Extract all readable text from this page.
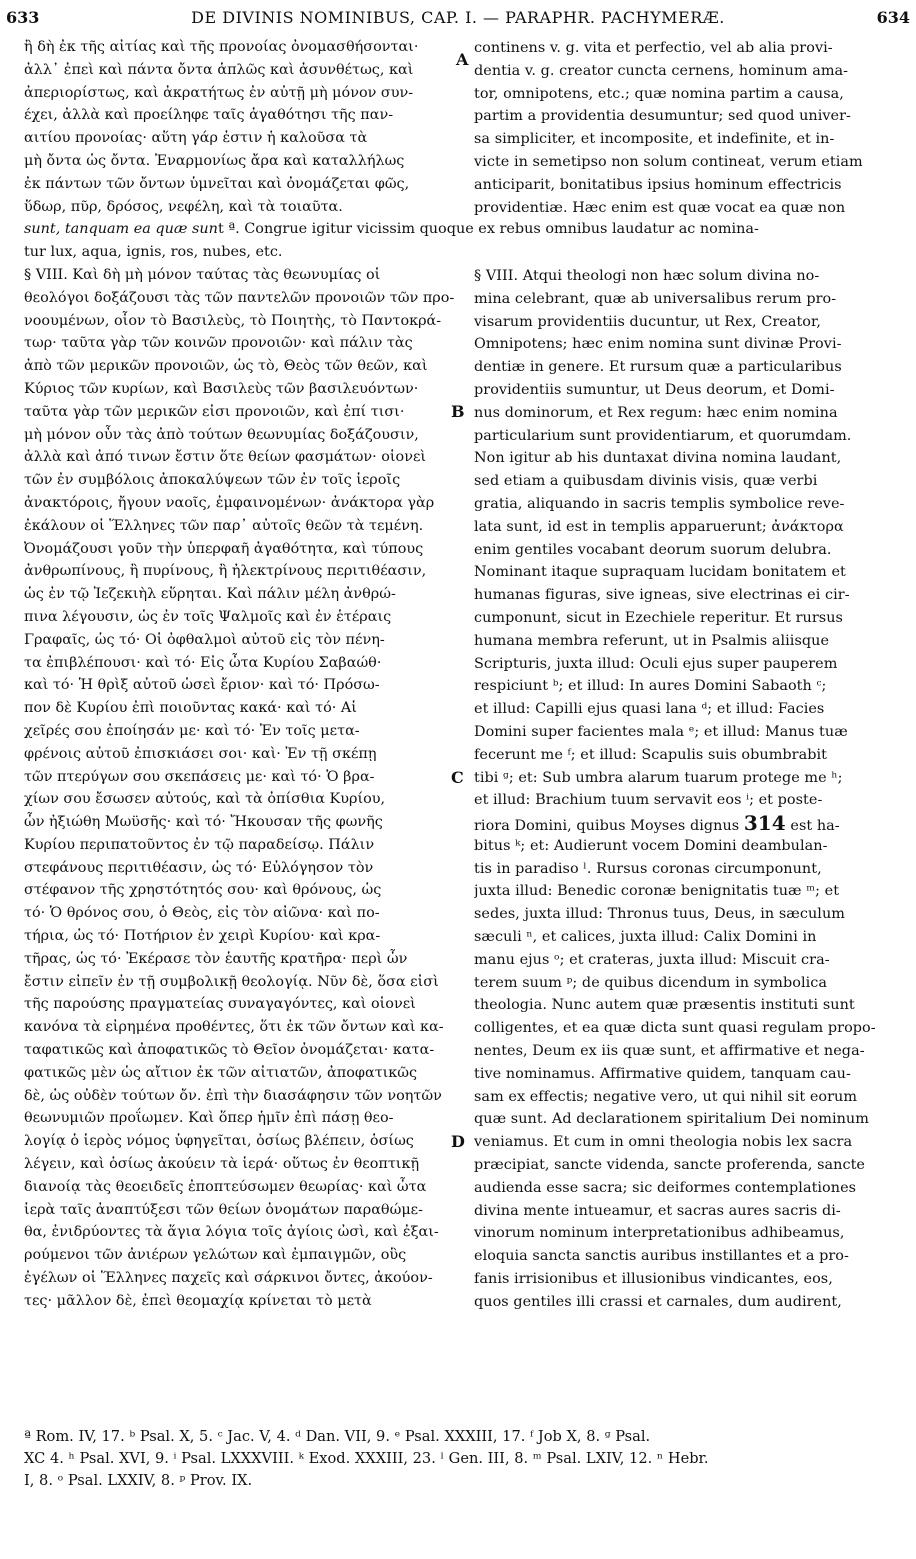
633	DE DIVINIS NOMINIBUS, CAP. I. — PARAPHR. PACHYMERÆ.	634
ἢ δὴ ἐκ τῆς αἰτίας καὶ τῆς προνοίας ὀνομασθήσονται·
ἀλλ᾽ ἐπεὶ καὶ πάντα ὄντα ἁπλῶς καὶ ἀσυνθέτως, καὶ
ἀπεριορίστως, καὶ ἀκρατήτως ἐν αὐτῇ μὴ μόνον συν-
έχει, ἀλλὰ καὶ προείληφε ταῖς ἀγαθότησι τῆς παν-
αιτίου προνοίας· αὕτη γάρ ἐστιν ἡ καλοῦσα τὰ
μὴ ὄντα ὡς ὄντα. Ἐναρμονίως ἄρα καὶ καταλλήλως
ἐκ πάντων τῶν ὄντων ὑμνεῖται καὶ ὀνομάζεται φῶς,
ὕδωρ, πῦρ, δρόσος, νεφέλη, καὶ τὰ τοιαῦτα.
sunt, tanquam ea quæ sunt ª. Congrue igitur vicissim quoque ex rebus omnibus laudatur ac nomina-
tur lux, aqua, ignis, ros, nubes, etc.
§ VIII. Καὶ δὴ μὴ μόνον ταύτας τὰς θεωνυμίας οἱ
θεολόγοι δοξάζουσι τὰς τῶν παντελῶν προνοιῶν τῶν προ-
νοουμένων, οἷον τὸ Βασιλεὺς, τὸ Ποιητὴς, τὸ Παντοκρά-
τωρ· ταῦτα γὰρ τῶν κοινῶν προνοιῶν· καὶ πάλιν τὰς
ἀπὸ τῶν μερικῶν προνοιῶν, ὡς τὸ, Θεὸς τῶν θεῶν, καὶ
Κύριος τῶν κυρίων, καὶ Βασιλεὺς τῶν βασιλευόντων·
ταῦτα γὰρ τῶν μερικῶν εἰσι προνοιῶν, καὶ ἐπί τισι·
μὴ μόνον οὖν τὰς ἀπὸ τούτων θεωνυμίας δοξάζουσιν,
ἀλλὰ καὶ ἀπό τινων ἔστιν ὅτε θείων φασμάτων· οἱονεὶ
τῶν ἐν συμβόλοις ἀποκαλύψεων τῶν ἐν τοῖς ἱεροῖς
ἀνακτόροις, ἤγουν ναοῖς, ἐμφαινομένων· ἀνάκτορα γὰρ
ἐκάλουν οἱ Ἕλληνες τῶν παρ᾽ αὐτοῖς θεῶν τὰ τεμένη.
Ὀνομάζουσι γοῦν τὴν ὑπερφαῆ ἀγαθότητα, καὶ τύπους
ἀνθρωπίνους, ἢ πυρίνους, ἢ ἠλεκτρίνους περιτιθέασιν,
ὡς ἐν τῷ Ἰεζεκιὴλ εὕρηται. Καὶ πάλιν μέλη ἀνθρώ-
πινα λέγουσιν, ὡς ἐν τοῖς Ψαλμοῖς καὶ ἐν ἑτέραις
Γραφαῖς, ὡς τό· Οἱ ὀφθαλμοὶ αὐτοῦ εἰς τὸν πένη-
τα ἐπιβλέπουσι· καὶ τό· Εἰς ὦτα Κυρίου Σαβαώθ·
καὶ τό· Ἡ θρὶξ αὐτοῦ ὡσεὶ ἔριον· καὶ τό· Πρόσω-
πον δὲ Κυρίου ἐπὶ ποιοῦντας κακά· καὶ τό· Αἱ
χεῖρές σου ἐποίησάν με· καὶ τό· Ἐν τοῖς μετα-
φρένοις αὐτοῦ ἐπισκιάσει σοι· καὶ· Ἐν τῇ σκέπῃ
τῶν πτερύγων σου σκεπάσεις με· καὶ τό· Ὁ βρα-
χίων σου ἔσωσεν αὐτούς, καὶ τὰ ὀπίσθια Κυρίου,
ὧν ἠξιώθη Μωϋσῆς· καὶ τό· Ἤκουσαν τῆς φωνῆς
Κυρίου περιπατοῦντος ἐν τῷ παραδείσῳ. Πάλιν
στεφάνους περιτιθέασιν, ὡς τό· Εὐλόγησον τὸν
στέφανον τῆς χρηστότητός σου· καὶ θρόνους, ὡς
τό· Ὁ θρόνος σου, ὁ Θεὸς, εἰς τὸν αἰῶνα· καὶ πο-
τήρια, ὡς τό· Ποτήριον ἐν χειρὶ Κυρίου· καὶ κρα-
τῆρας, ὡς τό· Ἐκέρασε τὸν ἑαυτῆς κρατῆρα· περὶ ὧν
ἔστιν εἰπεῖν ἐν τῇ συμβολικῇ θεολογίᾳ. Νῦν δὲ, ὅσα εἰσὶ
τῆς παρούσης πραγματείας συναγαγόντες, καὶ οἱονεὶ
κανόνα τὰ εἰρημένα προθέντες, ὅτι ἐκ τῶν ὄντων καὶ κα-
ταφατικῶς καὶ ἀποφατικῶς τὸ Θεῖον ὀνομάζεται· κατα-
φατικῶς μὲν ὡς αἴτιον ἐκ τῶν αἰτιατῶν, ἀποφατικῶς
δὲ, ὡς οὐδὲν τούτων ὄν. ἐπὶ τὴν διασάφησιν τῶν νοητῶν
θεωνυμιῶν προΐωμεν. Καὶ ὅπερ ἡμῖν ἐπὶ πάσῃ θεο-
λογίᾳ ὁ ἱερὸς νόμος ὑφηγεῖται, ὁσίως βλέπειν, ὁσίως
λέγειν, καὶ ὁσίως ἀκούειν τὰ ἱερά· οὕτως ἐν θεοπτικῇ
διανοίᾳ τὰς θεοειδεῖς ἐποπτεύσωμεν θεωρίας· καὶ ὦτα
ἱερὰ ταῖς ἀναπτύξεσι τῶν θείων ὀνομάτων παραθώμε-
θα, ἐνιδρύοντες τὰ ἅγια λόγια τοῖς ἁγίοις ὠσὶ, καὶ ἐξαι-
ρούμενοι τῶν ἀνιέρων γελώτων καὶ ἐμπαιγμῶν, οὓς
ἐγέλων οἱ Ἕλληνες παχεῖς καὶ σάρκινοι ὄντες, ἀκούον-
τες· μᾶλλον δὲ, ἐπεὶ θεομαχίᾳ κρίνεται τὸ μετὰ
continens v. g. vita et perfectio, vel ab alia provi-
dentia v. g. creator cuncta cernens, hominum ama-
tor, omnipotens, etc.; quæ nomina partim a causa,
partim a providentia desumuntur; sed quod univer-
sa simpliciter, et incomposite, et indefinite, et in-
victe in semetipso non solum contineat, verum etiam
anticiparit, bonitatibus ipsius hominum effectricis
providentiæ. Hæc enim est quæ vocat ea quæ non
§ VIII. Atqui theologi non hæc solum divina no-
mina celebrant, quæ ab universalibus rerum pro-
visarum providentiis ducuntur, ut Rex, Creator,
Omnipotens; hæc enim nomina sunt divinæ Provi-
dentiæ in genere. Et rursum quæ a particularibus
providentiis sumuntur, ut Deus deorum, et Domi-
nus dominorum, et Rex regum: hæc enim nomina
particularium sunt providentiarum, et quorumdam.
Non igitur ab his duntaxat divina nomina laudant,
sed etiam a quibusdam divinis visis, quæ verbi
gratia, aliquando in sacris templis symbolice reve-
lata sunt, id est in templis apparuerunt; ἀνάκτορα
enim gentiles vocabant deorum suorum delubra.
Nominant itaque supraquam lucidam bonitatem et
humanas figuras, sive igneas, sive electrinas ei cir-
cumponunt, sicut in Ezechiele reperitur. Et rursus
humana membra referunt, ut in Psalmis aliisque
Scripturis, juxta illud: Oculi ejus super pauperem
respiciunt ᵇ; et illud: In aures Domini Sabaoth ᶜ;
et illud: Capilli ejus quasi lana ᵈ; et illud: Facies
Domini super facientes mala ᵉ; et illud: Manus tuæ
fecerunt me ᶠ; et illud: Scapulis suis obumbrabit
tibi ᵍ; et: Sub umbra alarum tuarum protege me ʰ;
et illud: Brachium tuum servavit eos ⁱ; et poste-
riora Domini, quibus Moyses dignus 314 est ha-
bitus ᵏ; et: Audierunt vocem Domini deambulan-
tis in paradiso ˡ. Rursus coronas circumponunt,
juxta illud: Benedic coronæ benignitatis tuæ ᵐ; et
sedes, juxta illud: Thronus tuus, Deus, in sæculum
sæculi ⁿ, et calices, juxta illud: Calix Domini in
manu ejus ᵒ; et crateras, juxta illud: Miscuit cra-
terem suum ᵖ; de quibus dicendum in symbolica
theologia. Nunc autem quæ præsentis instituti sunt
colligentes, et ea quæ dicta sunt quasi regulam propo-
nentes, Deum ex iis quæ sunt, et affirmative et nega-
tive nominamus. Affirmative quidem, tanquam cau-
sam ex effectis; negative vero, ut qui nihil sit eorum
quæ sunt. Ad declarationem spiritalium Dei nominum
veniamus. Et cum in omni theologia nobis lex sacra
præcipiat, sancte videnda, sancte proferenda, sancte
audienda esse sacra; sic deiformes contemplationes
divina mente intueamur, et sacras aures sacris di-
vinorum nominum interpretationibus adhibeamus,
eloquia sancta sanctis auribus instillantes et a pro-
fanis irrisionibus et illusionibus vindicantes, eos,
quos gentiles illi crassi et carnales, dum audirent,
A
B
C
D
ª Rom. IV, 17. ᵇ Psal. X, 5. ᶜ Jac. V, 4. ᵈ Dan. VII, 9. ᵉ Psal. XXXIII, 17. ᶠ Job X, 8. ᵍ Psal.
XC 4. ʰ Psal. XVI, 9. ⁱ Psal. LXXXVIII. ᵏ Exod. XXXIII, 23. ˡ Gen. III, 8. ᵐ Psal. LXIV, 12. ⁿ Hebr.
I, 8. ᵒ Psal. LXXIV, 8. ᵖ Prov. IX.
